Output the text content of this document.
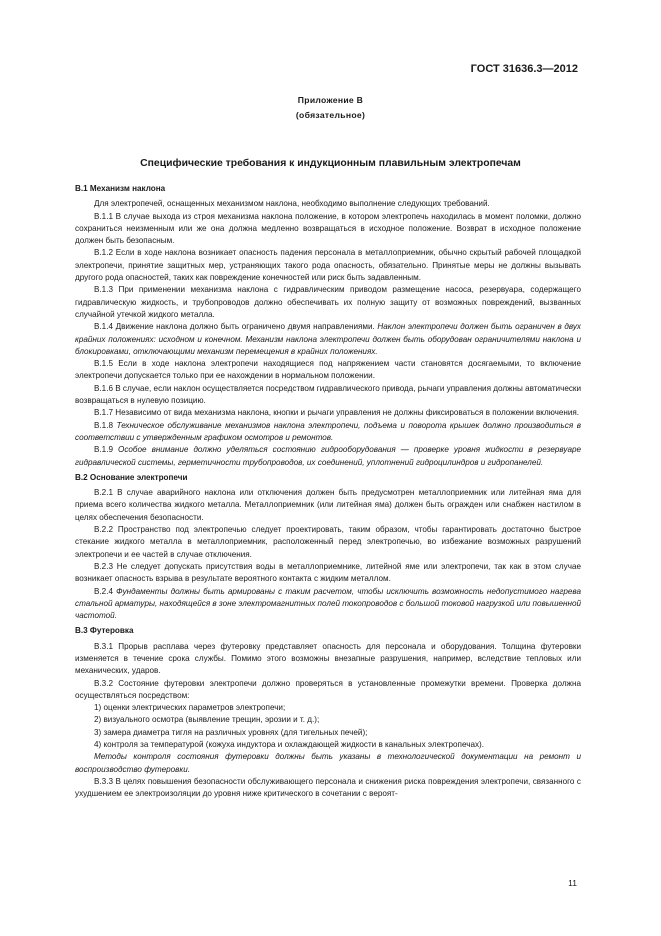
ГОСТ 31636.3—2012
Приложение В
(обязательное)
Специфические требования к индукционным плавильным электропечам

В.1 Механизм наклона

Для электропечей, оснащенных механизмом наклона, необходимо выполнение следующих требований.

В.1.1 В случае выхода из строя механизма наклона положение, в котором электропечь находилась в момент поломки, должно сохраниться неизменным или же она должна медленно возвращаться в исходное положение. Возврат в исходное положение должен быть безопасным.

В.1.2 Если в ходе наклона возникает опасность падения персонала в металлоприемник, обычно скрытый рабочей площадкой электропечи, принятие защитных мер, устраняющих такого рода опасность, обязательно. Принятые меры не должны вызывать другого рода опасностей, таких как повреждение конечностей или риск быть задавленным.

В.1.3 При применении механизма наклона с гидравлическим приводом размещение насоса, резервуара, содержащего гидравлическую жидкость, и трубопроводов должно обеспечивать их полную защиту от возможных повреждений, вызванных случайной утечкой жидкого металла.

В.1.4 Движение наклона должно быть ограничено двумя направлениями. Наклон электропечи должен быть ограничен в двух крайних положениях: исходном и конечном. Механизм наклона электропечи должен быть оборудован ограничителями наклона и блокировками, отключающими механизм перемещения в крайних положениях.

В.1.5 Если в ходе наклона электропечи находящиеся под напряжением части становятся досягаемыми, то включение электропечи допускается только при ее нахождении в нормальном положении.

В.1.6 В случае, если наклон осуществляется посредством гидравлического привода, рычаги управления должны автоматически возвращаться в нулевую позицию.

В.1.7 Независимо от вида механизма наклона, кнопки и рычаги управления не должны фиксироваться в положении включения.

В.1.8 Техническое обслуживание механизмов наклона электропечи, подъема и поворота крышек должно производиться в соответствии с утвержденным графиком осмотров и ремонтов.

В.1.9 Особое внимание должно уделяться состоянию гидрооборудования — проверке уровня жидкости в резервуаре гидравлической системы, герметичности трубопроводов, их соединений, уплотнений гидроцилиндров и гидропанелей.

В.2 Основание электропечи

В.2.1 В случае аварийного наклона или отключения должен быть предусмотрен металлоприемник или литейная яма для приема всего количества жидкого металла. Металлоприемник (или литейная яма) должен быть огражден или снабжен настилом в целях обеспечения безопасности.

В.2.2 Пространство под электропечью следует проектировать, таким образом, чтобы гарантировать достаточно быстрое стекание жидкого металла в металлоприемник, расположенный перед электропечью, во избежание возможных разрушений электропечи и ее частей в случае отключения.

В.2.3 Не следует допускать присутствия воды в металлоприемнике, литейной яме или электропечи, так как в этом случае возникает опасность взрыва в результате вероятного контакта с жидким металлом.

В.2.4 Фундаменты должны быть армированы с таким расчетом, чтобы исключить возможность недопустимого нагрева стальной арматуры, находящейся в зоне электромагнитных полей токопроводов с большой токовой нагрузкой или повышенной частотой.

В.3 Футеровка

В.3.1 Прорыв расплава через футеровку представляет опасность для персонала и оборудования. Толщина футеровки изменяется в течение срока службы. Помимо этого возможны внезапные разрушения, например, вследствие тепловых или механических, ударов.

В.3.2 Состояние футеровки электропечи должно проверяться в установленные промежутки времени. Проверка должна осуществляться посредством:

1) оценки электрических параметров электропечи;

2) визуального осмотра (выявление трещин, эрозии и т. д.);

3) замера диаметра тигля на различных уровнях (для тигельных печей);

4) контроля за температурой (кожуха индуктора и охлаждающей жидкости в канальных электропечах).

Методы контроля состояния футеровки должны быть указаны в технологической документации на ремонт и воспроизводство футеровки.

В.3.3 В целях повышения безопасности обслуживающего персонала и снижения риска повреждения электропечи, связанного с ухудшением ее электроизоляции до уровня ниже критического в сочетании с вероят-

11
